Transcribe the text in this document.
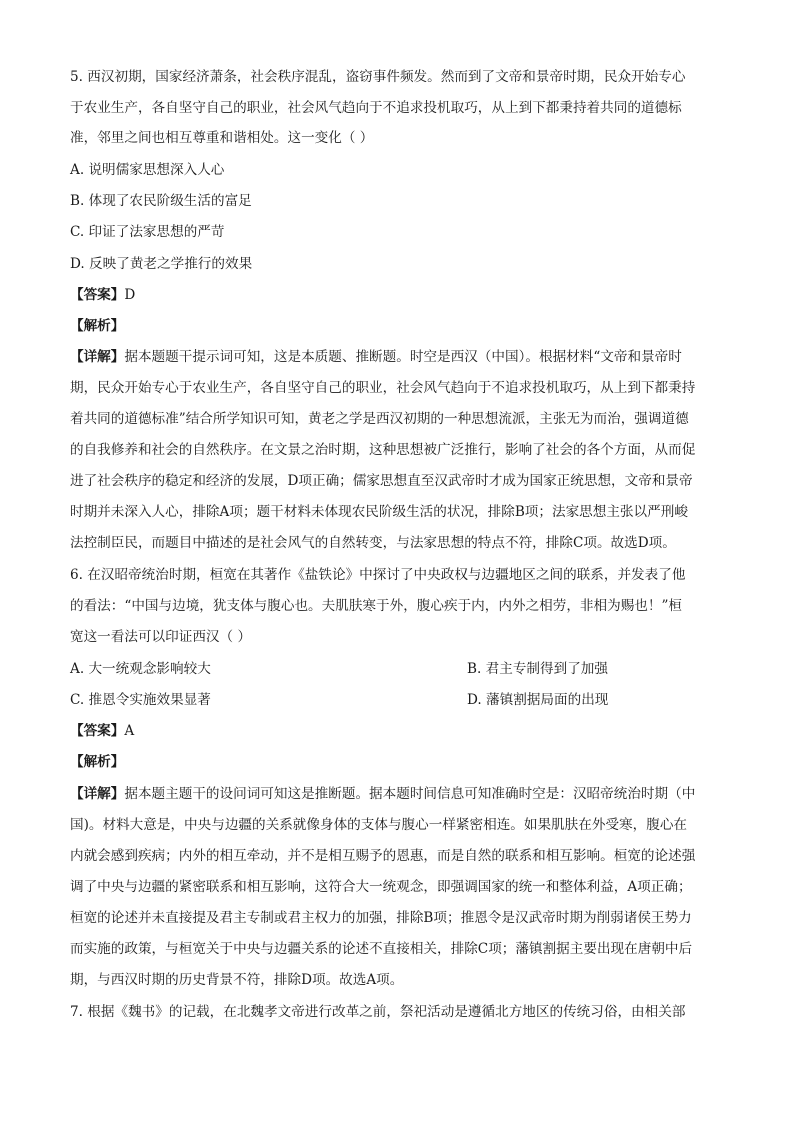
5. 西汉初期，国家经济萧条，社会秩序混乱，盗窃事件频发。然而到了文帝和景帝时期，民众开始专心
于农业生产，各自坚守自己的职业，社会风气趋向于不追求投机取巧，从上到下都秉持着共同的道德标
准，邻里之间也相互尊重和谐相处。这一变化（ ）
A. 说明儒家思想深入人心
B. 体现了农民阶级生活的富足
C. 印证了法家思想的严苛
D. 反映了黄老之学推行的效果
【答案】D
【解析】
【详解】据本题题干提示词可知，这是本质题、推断题。时空是西汉（中国）。根据材料“文帝和景帝时
期，民众开始专心于农业生产，各自坚守自己的职业，社会风气趋向于不追求投机取巧，从上到下都秉持
着共同的道德标准”结合所学知识可知，黄老之学是西汉初期的一种思想流派，主张无为而治，强调道德
的自我修养和社会的自然秩序。在文景之治时期，这种思想被广泛推行，影响了社会的各个方面，从而促
进了社会秩序的稳定和经济的发展，D项正确；儒家思想直至汉武帝时才成为国家正统思想，文帝和景帝
时期并未深入人心，排除A项；题干材料未体现农民阶级生活的状况，排除B项；法家思想主张以严刑峻
法控制臣民，而题目中描述的是社会风气的自然转变，与法家思想的特点不符，排除C项。故选D项。
6. 在汉昭帝统治时期，桓宽在其著作《盐铁论》中探讨了中央政权与边疆地区之间的联系，并发表了他
的看法：“中国与边境，犹支体与腹心也。夫肌肤寒于外，腹心疾于内，内外之相劳，非相为赐也！”桓
宽这一看法可以印证西汉（ ）
A. 大一统观念影响较大	B. 君主专制得到了加强
C. 推恩令实施效果显著	D. 藩镇割据局面的出现
【答案】A
【解析】
【详解】据本题主题干的设问词可知这是推断题。据本题时间信息可知准确时空是：汉昭帝统治时期（中
国)。材料大意是，中央与边疆的关系就像身体的支体与腹心一样紧密相连。如果肌肤在外受寒，腹心在
内就会感到疾病；内外的相互牵动，并不是相互赐予的恩惠，而是自然的联系和相互影响。桓宽的论述强
调了中央与边疆的紧密联系和相互影响，这符合大一统观念，即强调国家的统一和整体利益，A项正确；
桓宽的论述并未直接提及君主专制或君主权力的加强，排除B项；推恩令是汉武帝时期为削弱诸侯王势力
而实施的政策，与桓宽关于中央与边疆关系的论述不直接相关，排除C项；藩镇割据主要出现在唐朝中后
期，与西汉时期的历史背景不符，排除D项。故选A项。
7. 根据《魏书》的记载，在北魏孝文帝进行改革之前，祭祀活动是遵循北方地区的传统习俗，由相关部
